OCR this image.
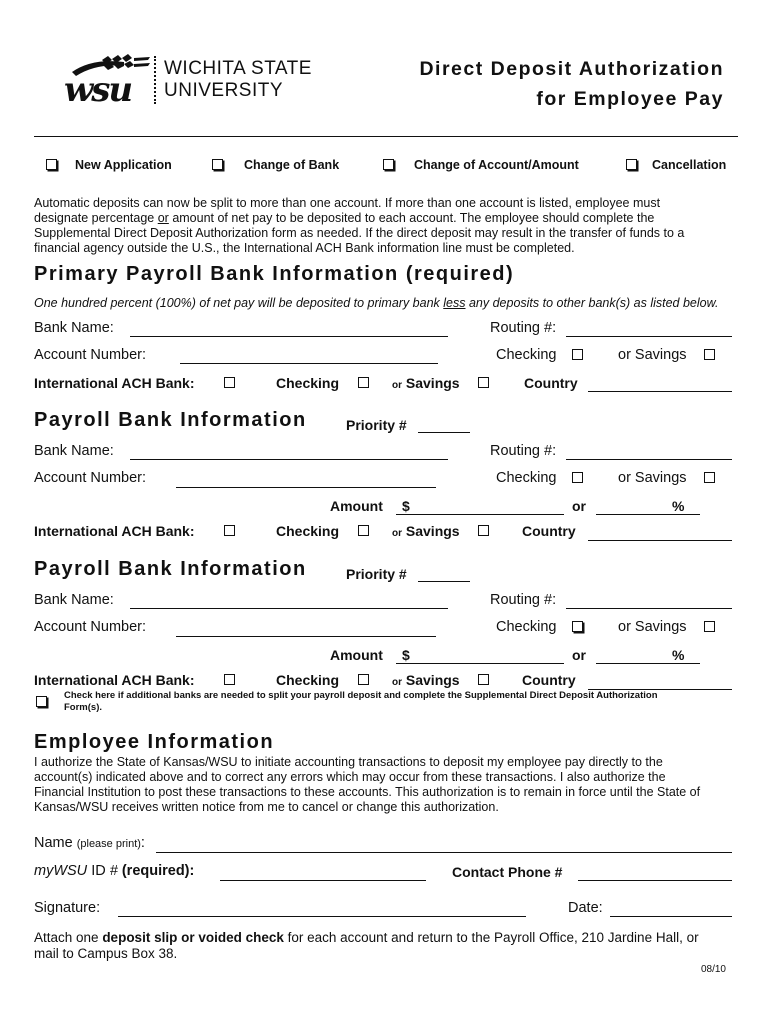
wsu
WICHITA STATE
UNIVERSITY
Direct Deposit Authorization
for Employee Pay
New Application	Change of Bank	Change of Account/Amount	Cancellation
Automatic deposits can now be split to more than one account. If more than one account is listed, employee must
designate percentage or amount of net pay to be deposited to each account. The employee should complete the
Supplemental Direct Deposit Authorization form as needed. If the direct deposit may result in the transfer of funds to a
financial agency outside the U.S., the International ACH Bank information line must be completed.
Primary Payroll Bank Information (required)
One hundred percent (100%) of net pay will be deposited to primary bank less any deposits to other bank(s) as listed below.
Bank Name:	Routing #:
Account Number:	Checking	or Savings
International ACH Bank:	Checking	or Savings	Country
Payroll Bank Information	Priority #
Bank Name:	Routing #:
Account Number:	Checking	or Savings
Amount $	or	%
International ACH Bank:	Checking	or Savings	Country
Payroll Bank Information	Priority #
Bank Name:	Routing #:
Account Number:	Checking	or Savings
Amount $	or	%
International ACH Bank:	Checking	or Savings	Country
Check here if additional banks are needed to split your payroll deposit and complete the Supplemental Direct Deposit Authorization
Form(s).
Employee Information
I authorize the State of Kansas/WSU to initiate accounting transactions to deposit my employee pay directly to the
account(s) indicated above and to correct any errors which may occur from these transactions. I also authorize the
Financial Institution to post these transactions to these accounts. This authorization is to remain in force until the State of
Kansas/WSU receives written notice from me to cancel or change this authorization.
Name (please print):
myWSU ID # (required):	Contact Phone #
Signature:	Date:
Attach one deposit slip or voided check for each account and return to the Payroll Office, 210 Jardine Hall, or
mail to Campus Box 38.
08/10
